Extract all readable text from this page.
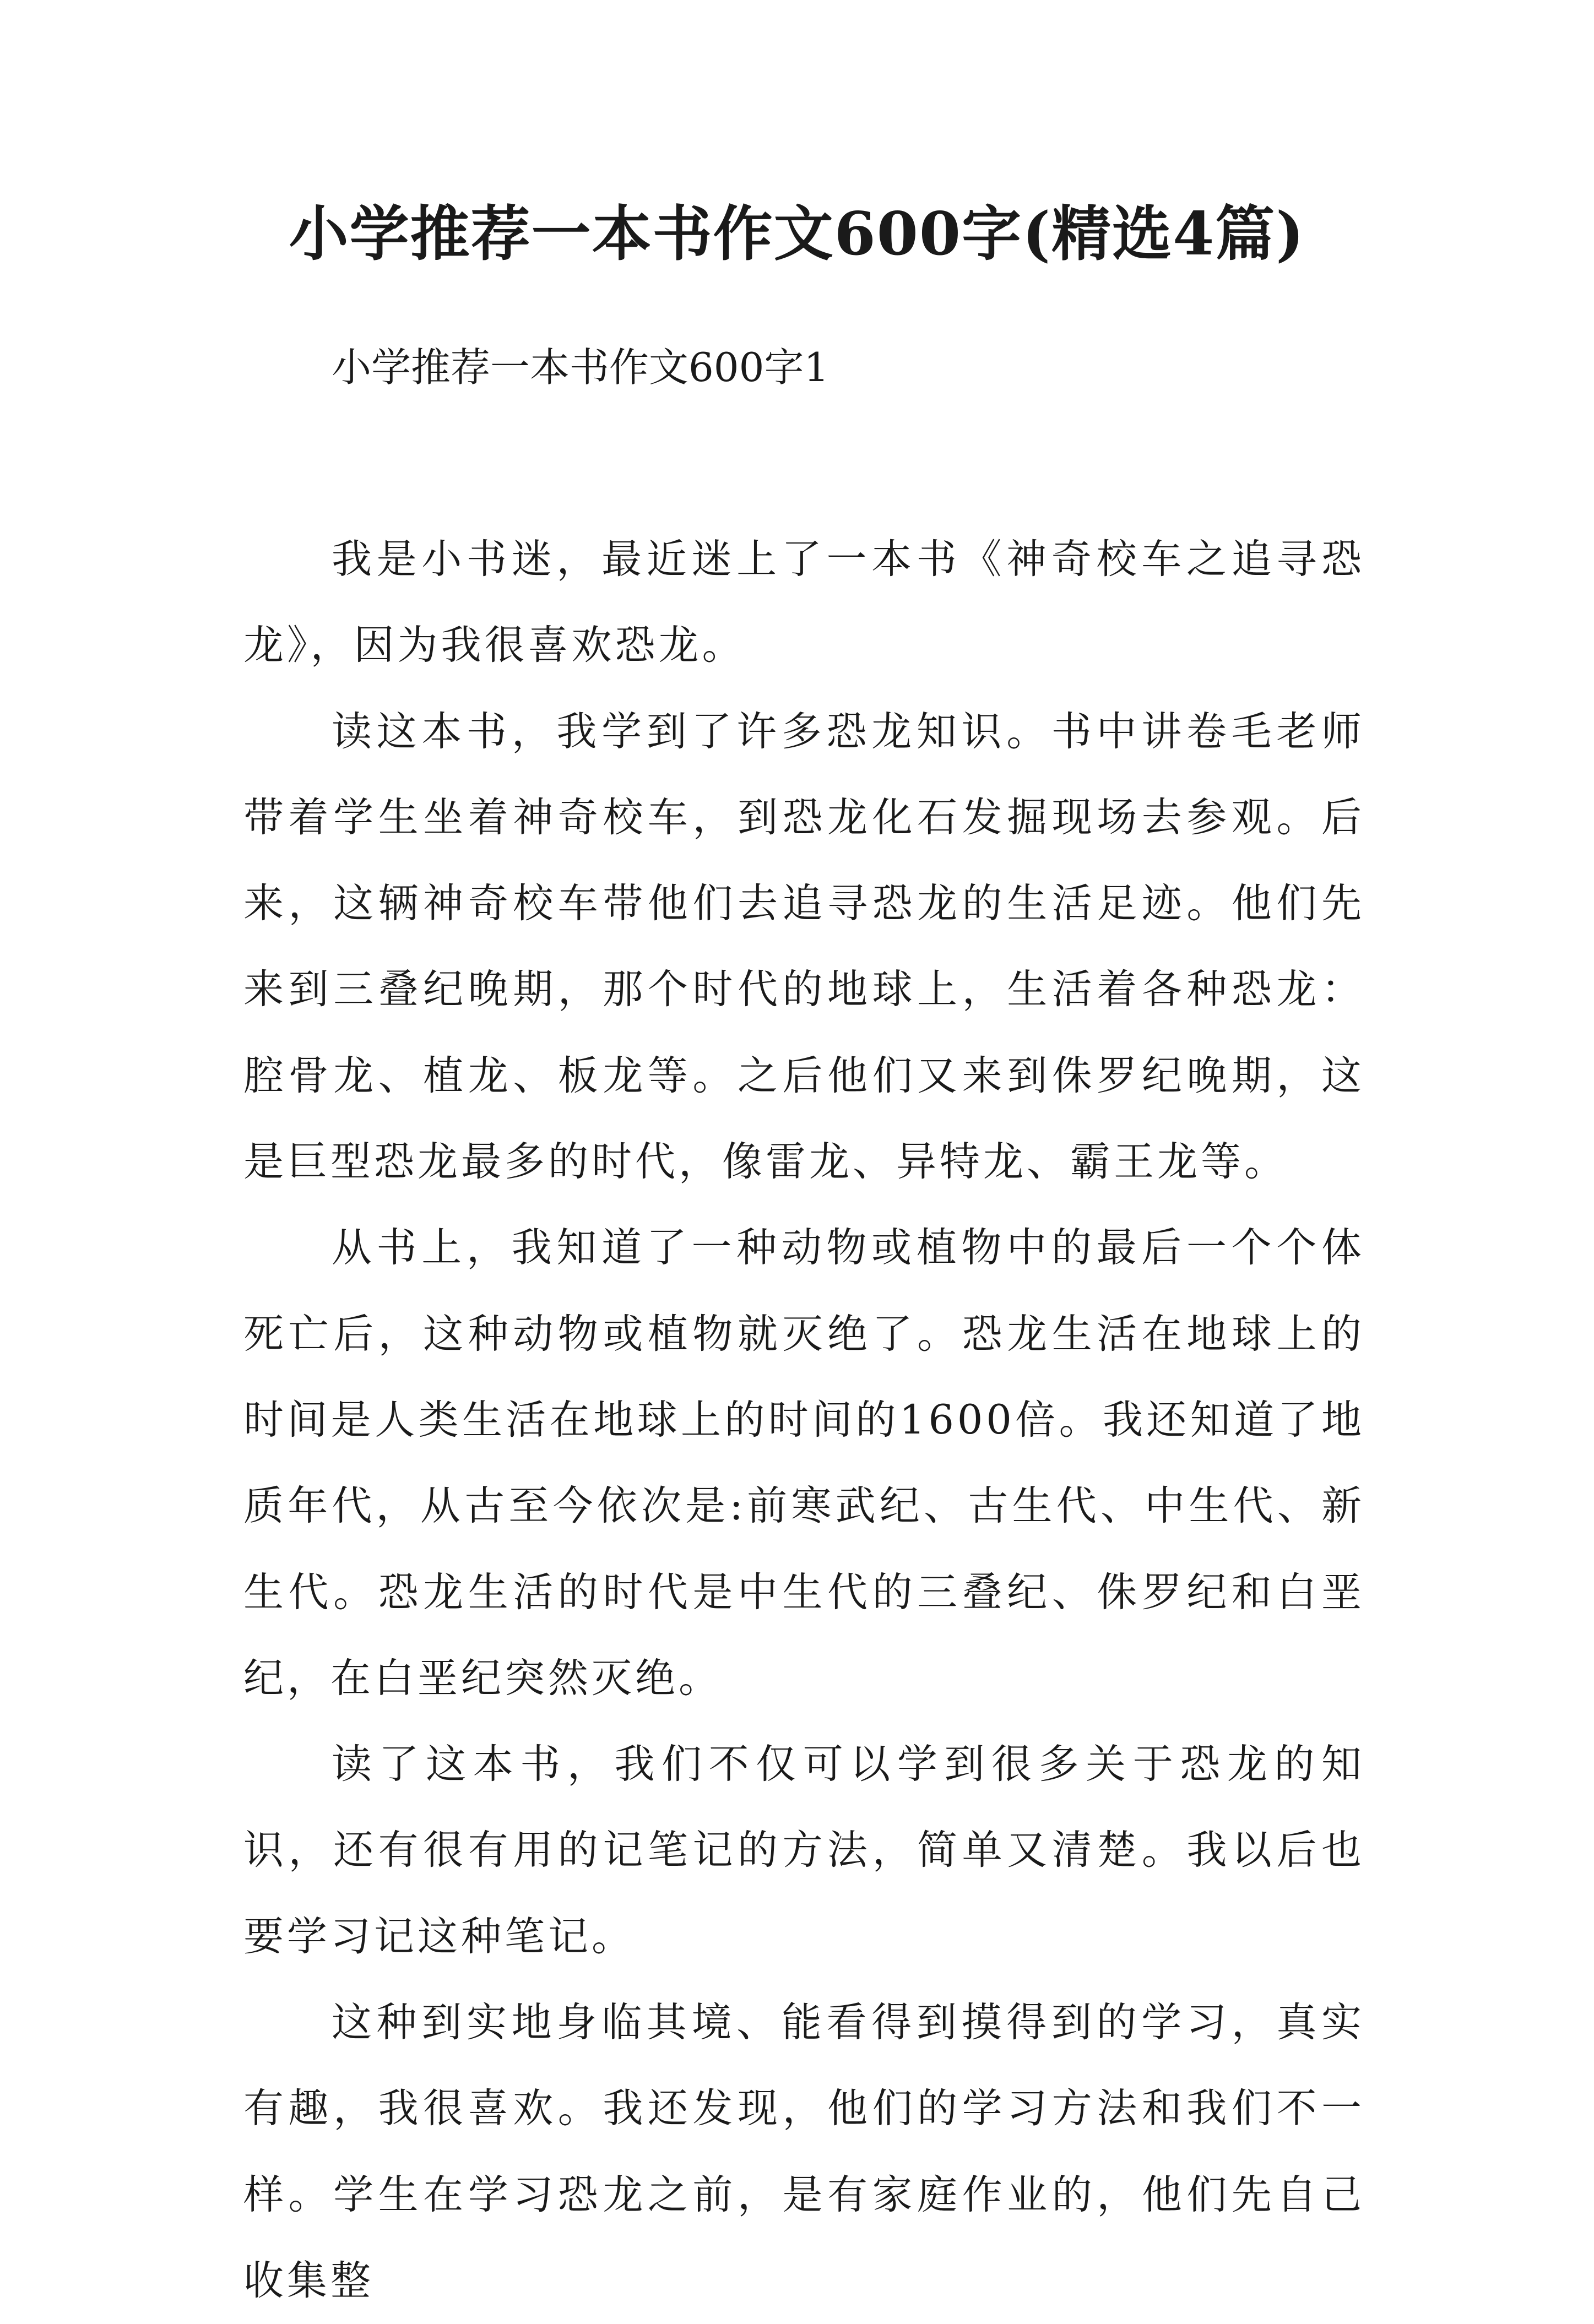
小学推荐一本书作文600字(精选4篇)
小学推荐一本书作文600字1

我是小书迷，最近迷上了一本书《神奇校车之追寻恐龙》，因为我很喜欢恐龙。

读这本书，我学到了许多恐龙知识。书中讲卷毛老师带着学生坐着神奇校车，到恐龙化石发掘现场去参观。后来，这辆神奇校车带他们去追寻恐龙的生活足迹。他们先来到三叠纪晚期，那个时代的地球上，生活着各种恐龙：腔骨龙、植龙、板龙等。之后他们又来到侏罗纪晚期，这是巨型恐龙最多的时代，像雷龙、异特龙、霸王龙等。

从书上，我知道了一种动物或植物中的最后一个个体死亡后，这种动物或植物就灭绝了。恐龙生活在地球上的时间是人类生活在地球上的时间的1600倍。我还知道了地质年代，从古至今依次是:前寒武纪、古生代、中生代、新生代。恐龙生活的时代是中生代的三叠纪、侏罗纪和白垩纪，在白垩纪突然灭绝。

读了这本书，我们不仅可以学到很多关于恐龙的知识，还有很有用的记笔记的方法，简单又清楚。我以后也要学习记这种笔记。

这种到实地身临其境、能看得到摸得到的学习，真实有趣，我很喜欢。我还发现，他们的学习方法和我们不一样。学生在学习恐龙之前，是有家庭作业的，他们先自己收集整
